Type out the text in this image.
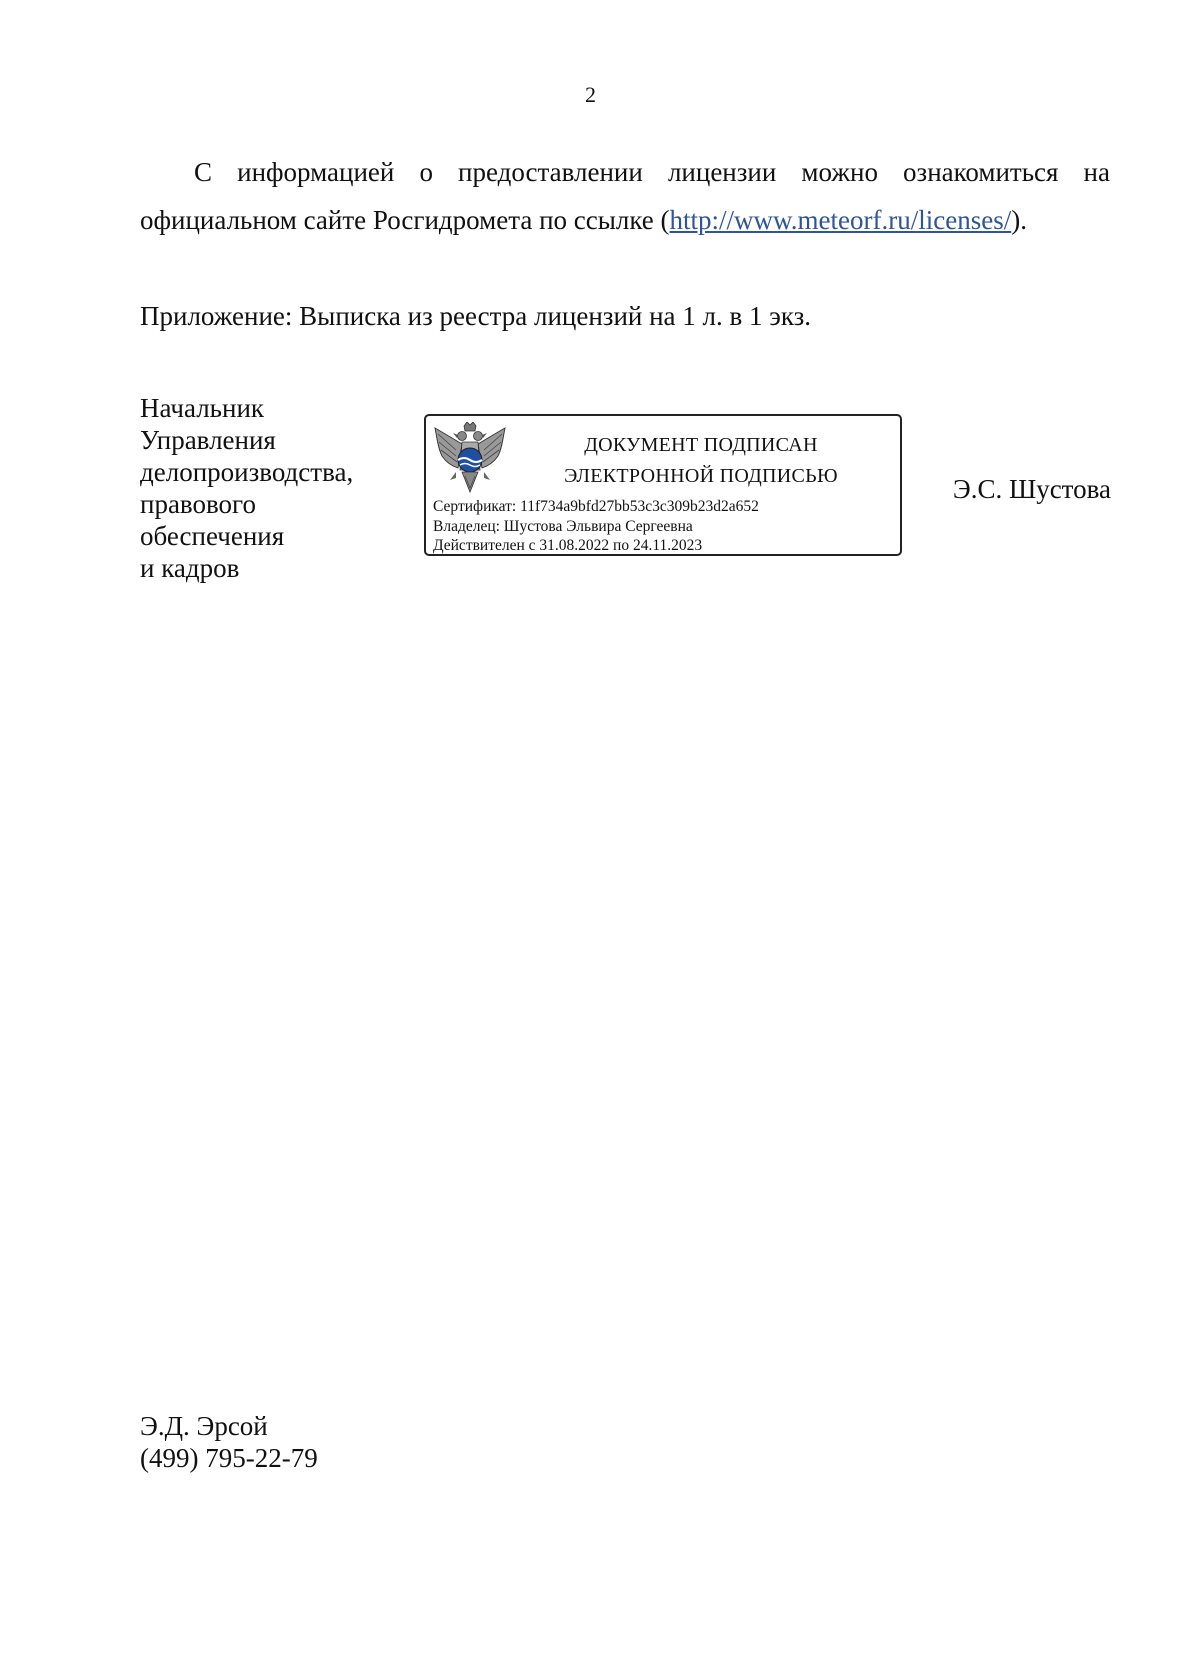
2

С информацией о предоставлении лицензии можно ознакомиться на официальном сайте Росгидромета по ссылке (http://www.meteorf.ru/licenses/).

Приложение: Выписка из реестра лицензий на 1 л. в 1 экз.
Начальник
Управления
делопроизводства,
правового
обеспечения
и кадров
ДОКУМЕНТ ПОДПИСАН
ЭЛЕКТРОННОЙ ПОДПИСЬЮ
Сертификат: 11f734a9bfd27bb53c3c309b23d2a652
Владелец: Шустова Эльвира Сергеевна
Действителен с 31.08.2022 по 24.11.2023
Э.С. Шустова
Э.Д. Эрсой
(499) 795-22-79
